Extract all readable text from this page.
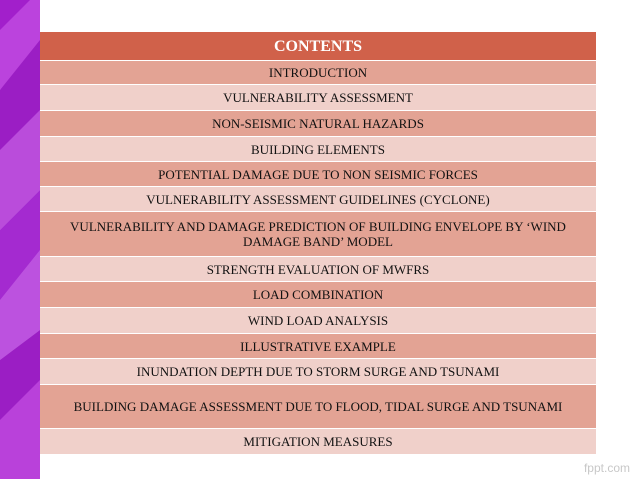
CONTENTS
INTRODUCTION
VULNERABILITY ASSESSMENT
NON-SEISMIC NATURAL HAZARDS
BUILDING ELEMENTS
POTENTIAL DAMAGE DUE TO NON SEISMIC FORCES
VULNERABILITY ASSESSMENT GUIDELINES (CYCLONE)
VULNERABILITY AND DAMAGE PREDICTION OF BUILDING ENVELOPE BY ‘WIND DAMAGE BAND’ MODEL
STRENGTH EVALUATION OF MWFRS
LOAD COMBINATION
WIND LOAD ANALYSIS
ILLUSTRATIVE EXAMPLE
INUNDATION DEPTH DUE TO STORM SURGE AND TSUNAMI
BUILDING DAMAGE ASSESSMENT DUE TO FLOOD, TIDAL SURGE AND TSUNAMI
MITIGATION MEASURES
fppt.com
